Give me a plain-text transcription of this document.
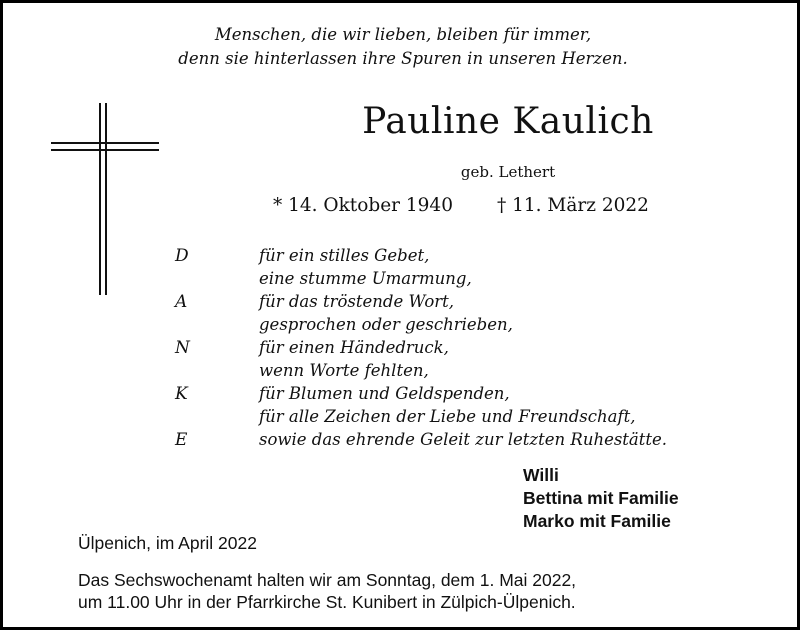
Menschen, die wir lieben, bleiben für immer,
denn sie hinterlassen ihre Spuren in unseren Herzen.
Pauline Kaulich
geb. Lethert
* 14. Oktober 1940 † 11. März 2022
D	für ein stilles Gebet,
eine stumme Umarmung,
A	für das tröstende Wort,
gesprochen oder geschrieben,
N	für einen Händedruck,
wenn Worte fehlten,
K	für Blumen und Geldspenden,
für alle Zeichen der Liebe und Freundschaft,
E	sowie das ehrende Geleit zur letzten Ruhestätte.
Willi
Bettina mit Familie
Marko mit Familie
Ülpenich, im April 2022
Das Sechswochenamt halten wir am Sonntag, dem 1. Mai 2022,
um 11.00 Uhr in der Pfarrkirche St. Kunibert in Zülpich-Ülpenich.
